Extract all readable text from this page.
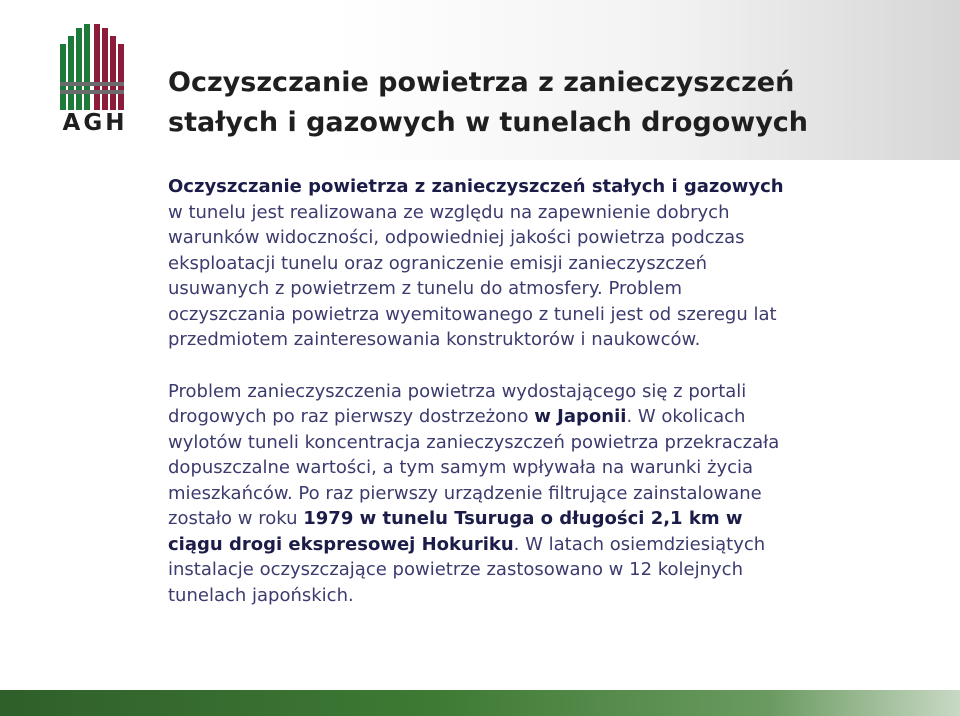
AGH
Oczyszczanie powietrza z zanieczyszczeń
stałych i gazowych w tunelach drogowych
Oczyszczanie powietrza z zanieczyszczeń stałych i gazowych
w tunelu jest realizowana ze względu na zapewnienie dobrych
warunków widoczności, odpowiedniej jakości powietrza podczas
eksploatacji tunelu oraz ograniczenie emisji zanieczyszczeń
usuwanych z powietrzem z tunelu do atmosfery. Problem
oczyszczania powietrza wyemitowanego z tuneli jest od szeregu lat
przedmiotem zainteresowania konstruktorów i naukowców.
Problem zanieczyszczenia powietrza wydostającego się z portali
drogowych po raz pierwszy dostrzeżono w Japonii. W okolicach
wylotów tuneli koncentracja zanieczyszczeń powietrza przekraczała
dopuszczalne wartości, a tym samym wpływała na warunki życia
mieszkańców. Po raz pierwszy urządzenie filtrujące zainstalowane
zostało w roku 1979 w tunelu Tsuruga o długości 2,1 km w
ciągu drogi ekspresowej Hokuriku. W latach osiemdziesiątych
instalacje oczyszczające powietrze zastosowano w 12 kolejnych
tunelach japońskich.
